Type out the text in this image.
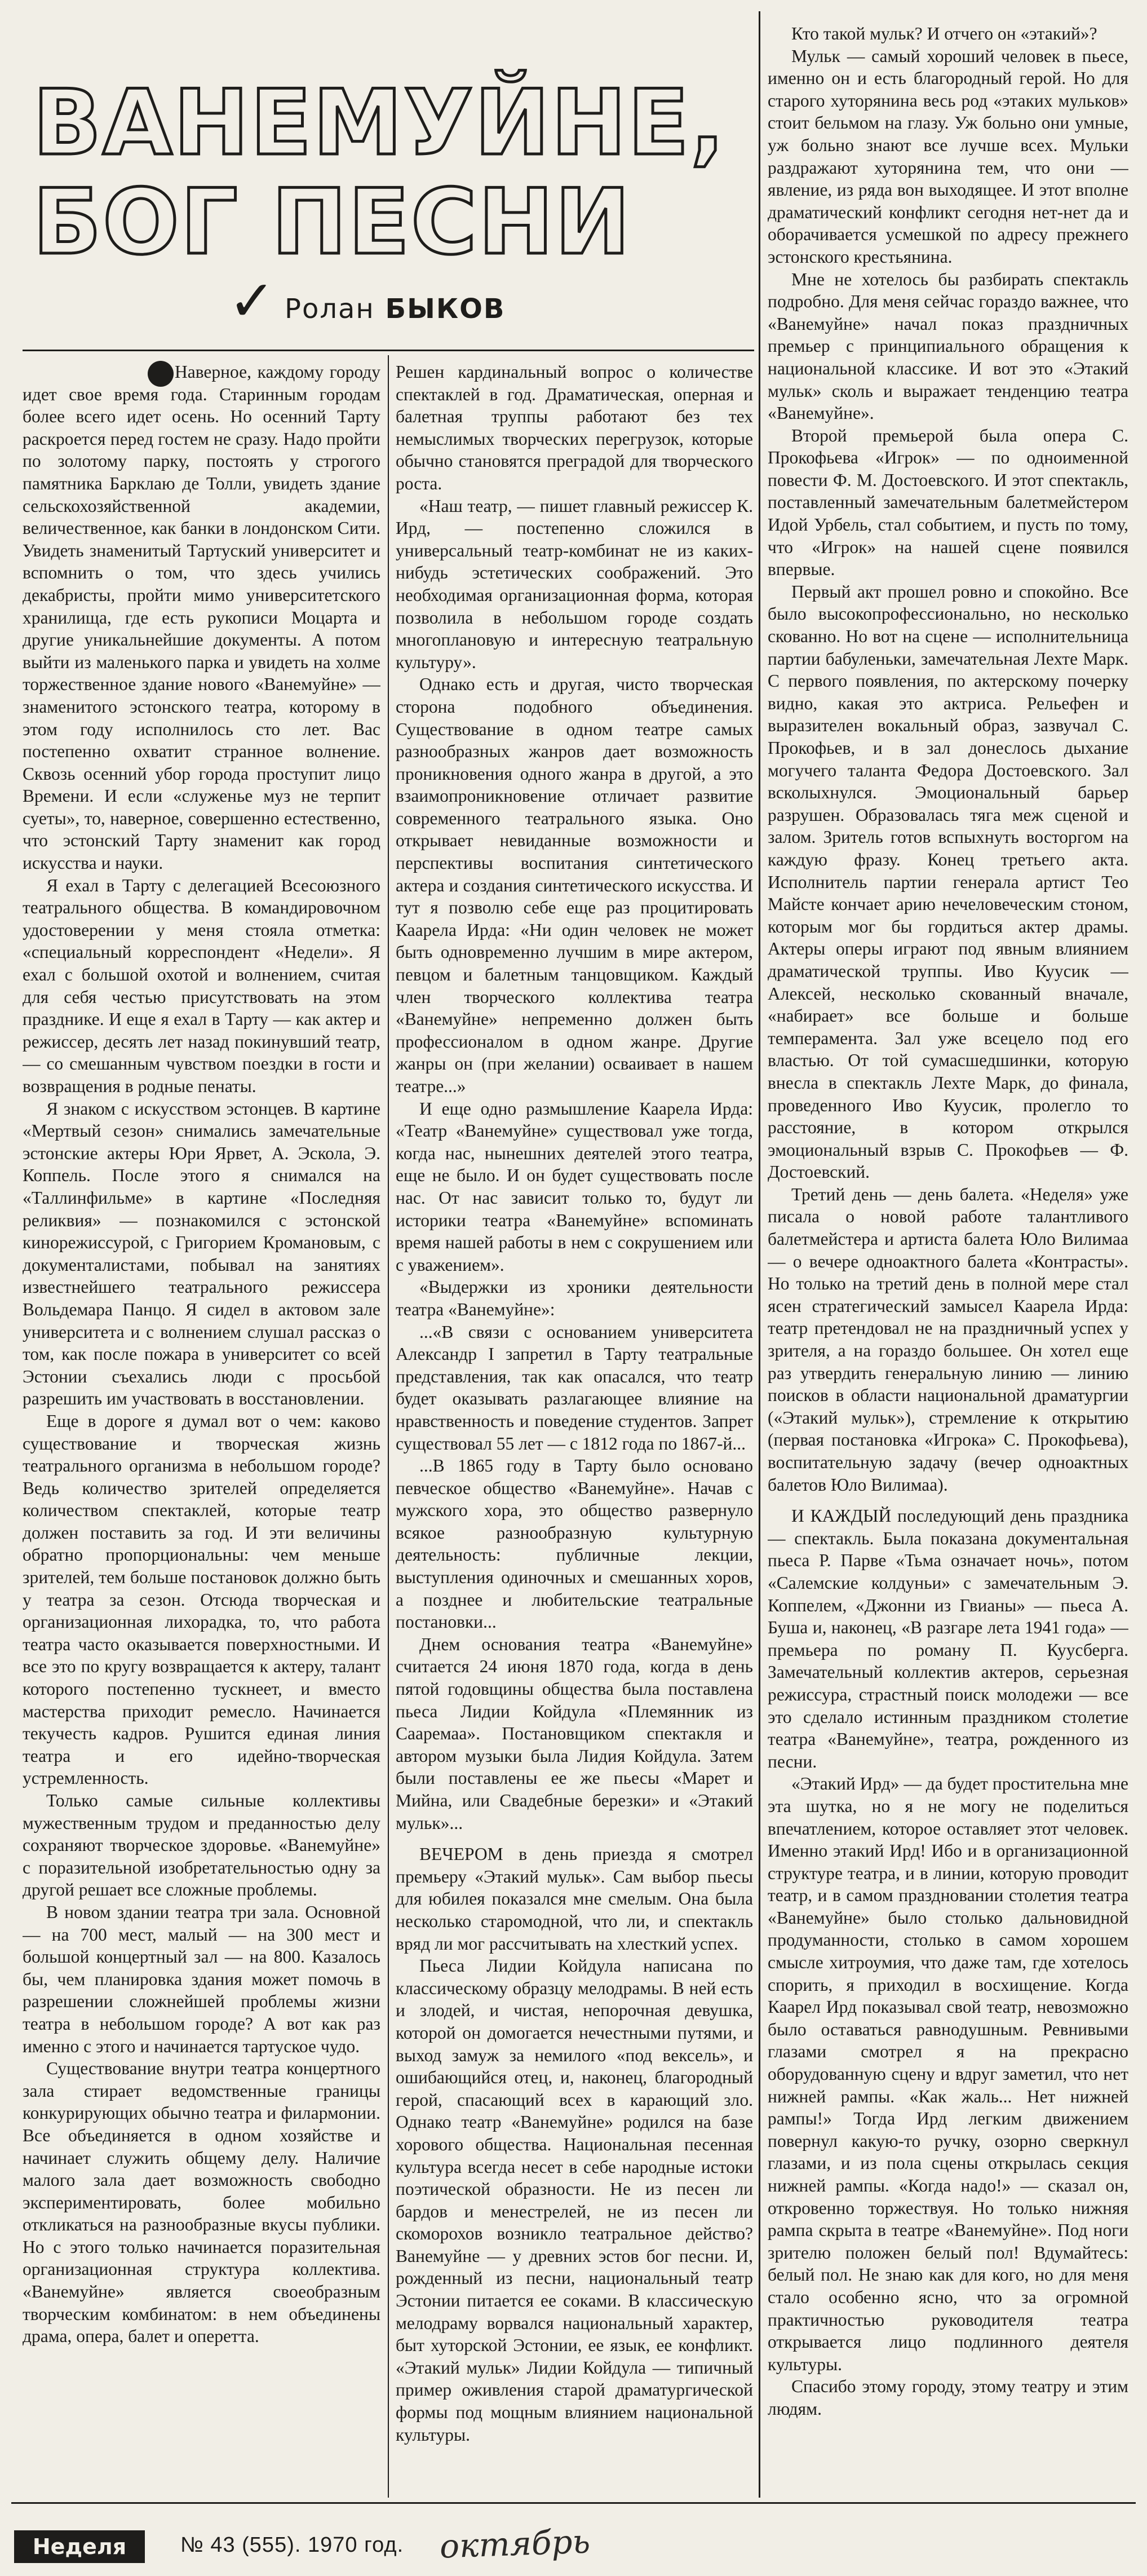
ВАНЕМУЙНЕ,
БОГ ПЕСНИ
✓ Ролан БЫКОВ

Наверное, каждому городу идет свое время года. Старинным городам более всего идет осень. Но осенний Тарту раскроется перед гостем не сразу. Надо пройти по золотому парку, постоять у строгого памятника Барклаю де Толли, увидеть здание сельскохозяйственной академии, величественное, как банки в лондонском Сити. Увидеть знаменитый Тартуский университет и вспомнить о том, что здесь учились декабристы, пройти мимо университетского хранилища, где есть рукописи Моцарта и другие уникальнейшие документы. А потом выйти из маленького парка и увидеть на холме торжественное здание нового «Ванемуйне» — знаменитого эстонского театра, которому в этом году исполнилось сто лет. Вас постепенно охватит странное волнение. Сквозь осенний убор города проступит лицо Времени. И если «служенье муз не терпит суеты», то, наверное, совершенно естественно, что эстонский Тарту знаменит как город искусства и науки.

Я ехал в Тарту с делегацией Всесоюзного театрального общества. В командировочном удостоверении у меня стояла отметка: «специальный корреспондент «Недели». Я ехал с большой охотой и волнением, считая для себя честью присутствовать на этом празднике. И еще я ехал в Тарту — как актер и режиссер, десять лет назад покинувший театр, — со смешанным чувством поездки в гости и возвращения в родные пенаты.

Я знаком с искусством эстонцев. В картине «Мертвый сезон» снимались замечательные эстонские актеры Юри Ярвет, А. Эскола, Э. Коппель. После этого я снимался на «Таллинфильме» в картине «Последняя реликвия» — познакомился с эстонской кинорежиссурой, с Григорием Кромановым, с документалистами, побывал на занятиях известнейшего театрального режиссера Вольдемара Панцо. Я сидел в актовом зале университета и с волнением слушал рассказ о том, как после пожара в университет со всей Эстонии съехались люди с просьбой разрешить им участвовать в восстановлении.

Еще в дороге я думал вот о чем: каково существование и творческая жизнь театрального организма в небольшом городе? Ведь количество зрителей определяется количеством спектаклей, которые театр должен поставить за год. И эти величины обратно пропорциональны: чем меньше зрителей, тем больше постановок должно быть у театра за сезон. Отсюда творческая и организационная лихорадка, то, что работа театра часто оказывается поверхностными. И все это по кругу возвращается к актеру, талант которого постепенно тускнеет, и вместо мастерства приходит ремесло. Начинается текучесть кадров. Рушится единая линия театра и его идейно-творческая устремленность.

Только самые сильные коллективы мужественным трудом и преданностью делу сохраняют творческое здоровье. «Ванемуйне» с поразительной изобретательностью одну за другой решает все сложные проблемы.

В новом здании театра три зала. Основной — на 700 мест, малый — на 300 мест и большой концертный зал — на 800. Казалось бы, чем планировка здания может помочь в разрешении сложнейшей проблемы жизни театра в небольшом городе? А вот как раз именно с этого и начинается тартуское чудо.

Существование внутри театра концертного зала стирает ведомственные границы конкурирующих обычно театра и филармонии. Все объединяется в одном хозяйстве и начинает служить общему делу. Наличие малого зала дает возможность свободно экспериментировать, более мобильно откликаться на разнообразные вкусы публики. Но с этого только начинается поразительная организационная структура коллектива. «Ванемуйне» является своеобразным творческим комбинатом: в нем объединены драма, опера, балет и оперетта.

Решен кардинальный вопрос о количестве спектаклей в год. Драматическая, оперная и балетная труппы работают без тех немыслимых творческих перегрузок, которые обычно становятся преградой для творческого роста.

«Наш театр, — пишет главный режиссер К. Ирд, — постепенно сложился в универсальный театр-комбинат не из каких-нибудь эстетических соображений. Это необходимая организационная форма, которая позволила в небольшом городе создать многоплановую и интересную театральную культуру».

Однако есть и другая, чисто творческая сторона подобного объединения. Существование в одном театре самых разнообразных жанров дает возможность проникновения одного жанра в другой, а это взаимопроникновение отличает развитие современного театрального языка. Оно открывает невиданные возможности и перспективы воспитания синтетического актера и создания синтетического искусства. И тут я позволю себе еще раз процитировать Каарела Ирда: «Ни один человек не может быть одновременно лучшим в мире актером, певцом и балетным танцовщиком. Каждый член творческого коллектива театра «Ванемуйне» непременно должен быть профессионалом в одном жанре. Другие жанры он (при желании) осваивает в нашем театре...»

И еще одно размышление Каарела Ирда: «Театр «Ванемуйне» существовал уже тогда, когда нас, нынешних деятелей этого театра, еще не было. И он будет существовать после нас. От нас зависит только то, будут ли историки театра «Ванемуйне» вспоминать время нашей работы в нем с сокрушением или с уважением».

«Выдержки из хроники деятельности театра «Ванемуйне»:

...«В связи с основанием университета Александр I запретил в Тарту театральные представления, так как опасался, что театр будет оказывать разлагающее влияние на нравственность и поведение студентов. Запрет существовал 55 лет — с 1812 года по 1867-й...

...В 1865 году в Тарту было основано певческое общество «Ванемуйне». Начав с мужского хора, это общество развернуло всякое разнообразную культурную деятельность: публичные лекции, выступления одиночных и смешанных хоров, а позднее и любительские театральные постановки...

Днем основания театра «Ванемуйне» считается 24 июня 1870 года, когда в день пятой годовщины общества была поставлена пьеса Лидии Койдула «Племянник из Сааремаа». Постановщиком спектакля и автором музыки была Лидия Койдула. Затем были поставлены ее же пьесы «Марет и Мийна, или Свадебные березки» и «Этакий мульк»...

ВЕЧЕРОМ в день приезда я смотрел премьеру «Этакий мульк». Сам выбор пьесы для юбилея показался мне смелым. Она была несколько старомодной, что ли, и спектакль вряд ли мог рассчитывать на хлесткий успех.

Пьеса Лидии Койдула написана по классическому образцу мелодрамы. В ней есть и злодей, и чистая, непорочная девушка, которой он домогается нечестными путями, и выход замуж за немилого «под вексель», и ошибающийся отец, и, наконец, благородный герой, спасающий всех в карающий зло. Однако театр «Ванемуйне» родился на базе хорового общества. Национальная песенная культура всегда несет в себе народные истоки поэтической образности. Не из песен ли бардов и менестрелей, не из песен ли скоморохов возникло театральное действо? Ванемуйне — у древних эстов бог песни. И, рожденный из песни, национальный театр Эстонии питается ее соками. В классическую мелодраму ворвался национальный характер, быт хуторской Эстонии, ее язык, ее конфликт. «Этакий мульк» Лидии Койдула — типичный пример оживления старой драматургической формы под мощным влиянием национальной культуры.

Кто такой мульк? И отчего он «этакий»?

Мульк — самый хороший человек в пьесе, именно он и есть благородный герой. Но для старого хуторянина весь род «этаких мульков» стоит бельмом на глазу. Уж больно они умные, уж больно знают все лучше всех. Мульки раздражают хуторянина тем, что они — явление, из ряда вон выходящее. И этот вполне драматический конфликт сегодня нет-нет да и оборачивается усмешкой по адресу прежнего эстонского крестьянина.

Мне не хотелось бы разбирать спектакль подробно. Для меня сейчас гораздо важнее, что «Ванемуйне» начал показ праздничных премьер с принципиального обращения к национальной классике. И вот это «Этакий мульк» сколь и выражает тенденцию театра «Ванемуйне».

Второй премьерой была опера С. Прокофьева «Игрок» — по одноименной повести Ф. М. Достоевского. И этот спектакль, поставленный замечательным балетмейстером Идой Урбель, стал событием, и пусть по тому, что «Игрок» на нашей сцене появился впервые.

Первый акт прошел ровно и спокойно. Все было высокопрофессионально, но несколько скованно. Но вот на сцене — исполнительница партии бабуленьки, замечательная Лехте Марк. С первого появления, по актерскому почерку видно, какая это актриса. Рельефен и выразителен вокальный образ, зазвучал С. Прокофьев, и в зал донеслось дыхание могучего таланта Федора Достоевского. Зал всколыхнулся. Эмоциональный барьер разрушен. Образовалась тяга меж сценой и залом. Зритель готов вспыхнуть восторгом на каждую фразу. Конец третьего акта. Исполнитель партии генерала артист Тео Майсте кончает арию нечеловеческим стоном, которым мог бы гордиться актер драмы. Актеры оперы играют под явным влиянием драматической труппы. Иво Куусик — Алексей, несколько скованный вначале, «набирает» все больше и больше темперамента. Зал уже всецело под его властью. От той сумасшедшинки, которую внесла в спектакль Лехте Марк, до финала, проведенного Иво Куусик, пролегло то расстояние, в котором открылся эмоциональный взрыв С. Прокофьев — Ф. Достоевский.

Третий день — день балета. «Неделя» уже писала о новой работе талантливого балетмейстера и артиста балета Юло Вилимаа — о вечере одноактного балета «Контрасты». Но только на третий день в полной мере стал ясен стратегический замысел Каарела Ирда: театр претендовал не на праздничный успех у зрителя, а на гораздо большее. Он хотел еще раз утвердить генеральную линию — линию поисков в области национальной драматургии («Этакий мульк»), стремление к открытию (первая постановка «Игрока» С. Прокофьева), воспитательную задачу (вечер одноактных балетов Юло Вилимаа).

И КАЖДЫЙ последующий день праздника — спектакль. Была показана документальная пьеса Р. Парве «Тьма означает ночь», потом «Салемские колдуньи» с замечательным Э. Коппелем, «Джонни из Гвианы» — пьеса А. Буша и, наконец, «В разгаре лета 1941 года» — премьера по роману П. Куусберга. Замечательный коллектив актеров, серьезная режиссура, страстный поиск молодежи — все это сделало истинным праздником столетие театра «Ванемуйне», театра, рожденного из песни.

«Этакий Ирд» — да будет простительна мне эта шутка, но я не могу не поделиться впечатлением, которое оставляет этот человек. Именно этакий Ирд! Ибо и в организационной структуре театра, и в линии, которую проводит театр, и в самом праздновании столетия театра «Ванемуйне» было столько дальновидной продуманности, столько в самом хорошем смысле хитроумия, что даже там, где хотелось спорить, я приходил в восхищение. Когда Каарел Ирд показывал свой театр, невозможно было оставаться равнодушным. Ревнивыми глазами смотрел я на прекрасно оборудованную сцену и вдруг заметил, что нет нижней рампы. «Как жаль... Нет нижней рампы!» Тогда Ирд легким движением повернул какую-то ручку, озорно сверкнул глазами, и из пола сцены открылась секция нижней рампы. «Когда надо!» — сказал он, откровенно торжествуя. Но только нижняя рампа скрыта в театре «Ванемуйне». Под ноги зрителю положен белый пол! Вдумайтесь: белый пол. Не знаю как для кого, но для меня стало особенно ясно, что за огромной практичностью руководителя театра открывается лицо подлинного деятеля культуры.

Спасибо этому городу, этому театру и этим людям.

Неделя	№ 43 (555). 1970 год. октябрь
